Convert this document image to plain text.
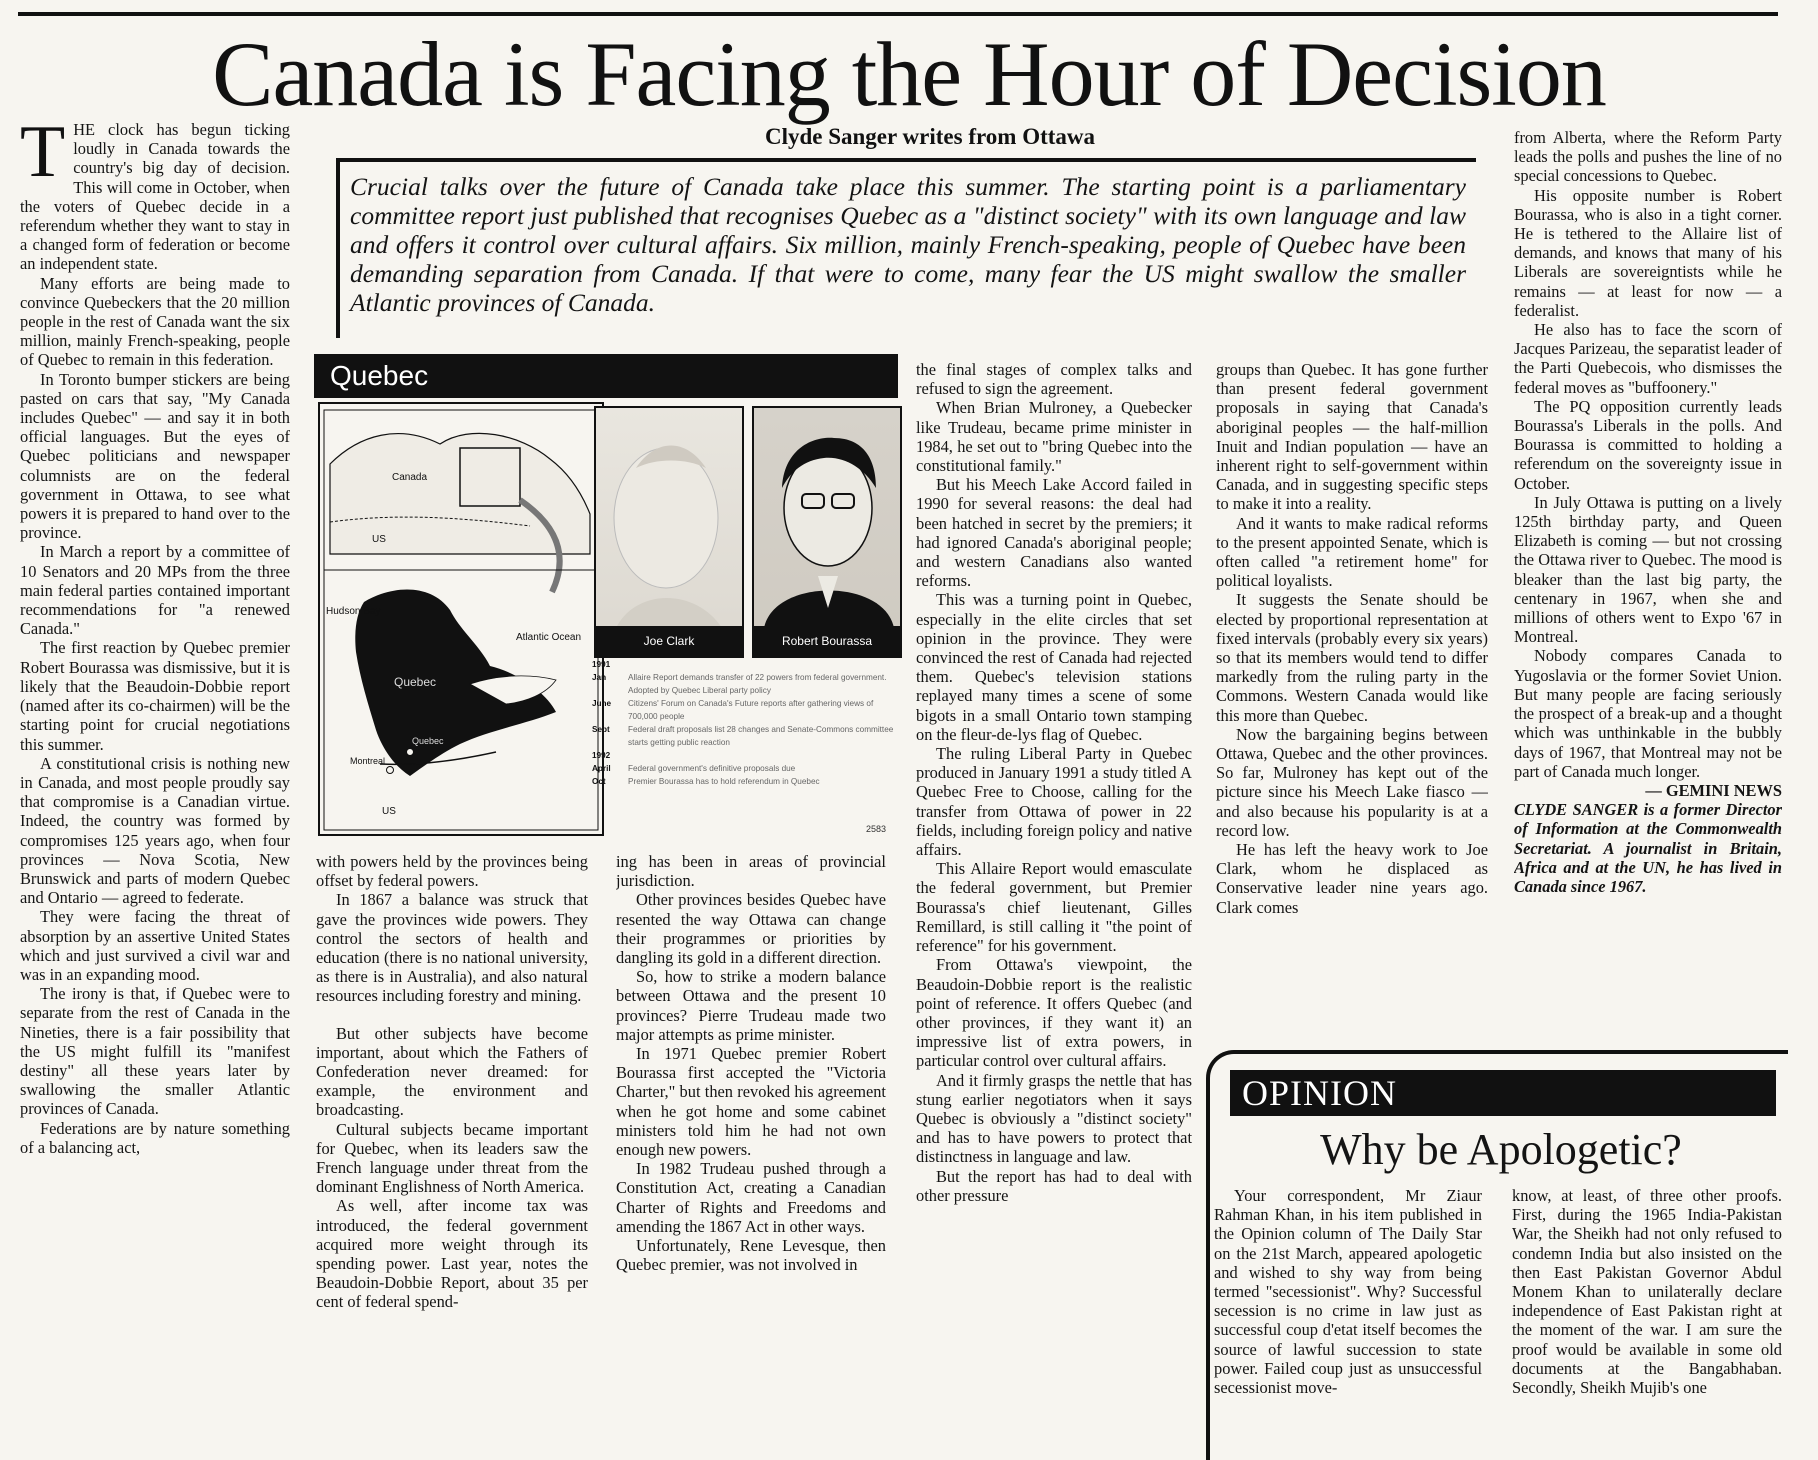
Canada is Facing the Hour of Decision
Clyde Sanger writes from Ottawa
Crucial talks over the future of Canada take place this summer. The starting point is a parliamentary committee report just published that recognises Quebec as a "distinct society" with its own language and law and offers it control over cultural affairs. Six million, mainly French-speaking, people of Quebec have been demanding separation from Canada. If that were to come, many fear the US might swallow the smaller Atlantic provinces of Canada.

THE clock has begun ticking loudly in Canada towards the country's big day of decision. This will come in October, when the voters of Quebec decide in a referendum whether they want to stay in a changed form of federation or become an independent state.

Many efforts are being made to convince Quebeckers that the 20 million people in the rest of Canada want the six million, mainly French-speaking, people of Quebec to remain in this federation.

In Toronto bumper stickers are being pasted on cars that say, "My Canada includes Quebec" — and say it in both official languages. But the eyes of Quebec politicians and newspaper columnists are on the federal government in Ottawa, to see what powers it is prepared to hand over to the province.

In March a report by a committee of 10 Senators and 20 MPs from the three main federal parties contained important recommendations for "a renewed Canada."

The first reaction by Quebec premier Robert Bourassa was dismissive, but it is likely that the Beaudoin-Dobbie report (named after its co-chairmen) will be the starting point for crucial negotiations this summer.

A constitutional crisis is nothing new in Canada, and most people proudly say that compromise is a Canadian virtue. Indeed, the country was formed by compromises 125 years ago, when four provinces — Nova Scotia, New Brunswick and parts of modern Quebec and Ontario — agreed to federate.

They were facing the threat of absorption by an assertive United States which and just survived a civil war and was in an expanding mood.

The irony is that, if Quebec were to separate from the rest of Canada in the Nineties, there is a fair possibility that the US might fulfill its "manifest destiny" all these years later by swallowing the smaller Atlantic provinces of Canada.

Federations are by nature something of a balancing act,

Quebec
Canada
US
Hudson Bay
Atlantic Ocean
Quebec
Quebec
Montreal
US
Joe Clark	Robert Bourassa
1991
Jan	Allaire Report demands transfer of 22 powers from federal government. Adopted by Quebec Liberal party policy
June	Citizens' Forum on Canada's Future reports after gathering views of 700,000 people
Sept	Federal draft proposals list 28 changes and Senate-Commons committee starts getting public reaction
1992
April	Federal government's definitive proposals due
Oct	Premier Bourassa has to hold referendum in Quebec
2583

with powers held by the provinces being offset by federal powers.

In 1867 a balance was struck that gave the provinces wide powers. They control the sectors of health and education (there is no national university, as there is in Australia), and also natural resources including forestry and mining.

But other subjects have become important, about which the Fathers of Confederation never dreamed: for example, the environment and broadcasting.

Cultural subjects became important for Quebec, when its leaders saw the French language under threat from the dominant Englishness of North America.

As well, after income tax was introduced, the federal government acquired more weight through its spending power. Last year, notes the Beaudoin-Dobbie Report, about 35 per cent of federal spend-

ing has been in areas of provincial jurisdiction.

Other provinces besides Quebec have resented the way Ottawa can change their programmes or priorities by dangling its gold in a different direction.

So, how to strike a modern balance between Ottawa and the present 10 provinces? Pierre Trudeau made two major attempts as prime minister.

In 1971 Quebec premier Robert Bourassa first accepted the "Victoria Charter," but then revoked his agreement when he got home and some cabinet ministers told him he had not own enough new powers.

In 1982 Trudeau pushed through a Constitution Act, creating a Canadian Charter of Rights and Freedoms and amending the 1867 Act in other ways.

Unfortunately, Rene Levesque, then Quebec premier, was not involved in

the final stages of complex talks and refused to sign the agreement.

When Brian Mulroney, a Quebecker like Trudeau, became prime minister in 1984, he set out to "bring Quebec into the constitutional family."

But his Meech Lake Accord failed in 1990 for several reasons: the deal had been hatched in secret by the premiers; it had ignored Canada's aboriginal people; and western Canadians also wanted reforms.

This was a turning point in Quebec, especially in the elite circles that set opinion in the province. They were convinced the rest of Canada had rejected them. Quebec's television stations replayed many times a scene of some bigots in a small Ontario town stamping on the fleur-de-lys flag of Quebec.

The ruling Liberal Party in Quebec produced in January 1991 a study titled A Quebec Free to Choose, calling for the transfer from Ottawa of power in 22 fields, including foreign policy and native affairs.

This Allaire Report would emasculate the federal government, but Premier Bourassa's chief lieutenant, Gilles Remillard, is still calling it "the point of reference" for his government.

From Ottawa's viewpoint, the Beaudoin-Dobbie report is the realistic point of reference. It offers Quebec (and other provinces, if they want it) an impressive list of extra powers, in particular control over cultural affairs.

And it firmly grasps the nettle that has stung earlier negotiators when it says Quebec is obviously a "distinct society" and has to have powers to protect that distinctness in language and law.

But the report has had to deal with other pressure

groups than Quebec. It has gone further than present federal government proposals in saying that Canada's aboriginal peoples — the half-million Inuit and Indian population — have an inherent right to self-government within Canada, and in suggesting specific steps to make it into a reality.

And it wants to make radical reforms to the present appointed Senate, which is often called "a retirement home" for political loyalists.

It suggests the Senate should be elected by proportional representation at fixed intervals (probably every six years) so that its members would tend to differ markedly from the ruling party in the Commons. Western Canada would like this more than Quebec.

Now the bargaining begins between Ottawa, Quebec and the other provinces. So far, Mulroney has kept out of the picture since his Meech Lake fiasco — and also because his popularity is at a record low.

He has left the heavy work to Joe Clark, whom he displaced as Conservative leader nine years ago. Clark comes

from Alberta, where the Reform Party leads the polls and pushes the line of no special concessions to Quebec.

His opposite number is Robert Bourassa, who is also in a tight corner. He is tethered to the Allaire list of demands, and knows that many of his Liberals are sovereigntists while he remains — at least for now — a federalist.

He also has to face the scorn of Jacques Parizeau, the separatist leader of the Parti Quebecois, who dismisses the federal moves as "buffoonery."

The PQ opposition currently leads Bourassa's Liberals in the polls. And Bourassa is committed to holding a referendum on the sovereignty issue in October.

In July Ottawa is putting on a lively 125th birthday party, and Queen Elizabeth is coming — but not crossing the Ottawa river to Quebec. The mood is bleaker than the last big party, the centenary in 1967, when she and millions of others went to Expo '67 in Montreal.

Nobody compares Canada to Yugoslavia or the former Soviet Union. But many people are facing seriously the prospect of a break-up and a thought which was unthinkable in the bubbly days of 1967, that Montreal may not be part of Canada much longer.

— GEMINI NEWS

CLYDE SANGER is a former Director of Information at the Commonwealth Secretariat. A journalist in Britain, Africa and at the UN, he has lived in Canada since 1967.

OPINION
Why be Apologetic?

Your correspondent, Mr Ziaur Rahman Khan, in his item published in the Opinion column of The Daily Star on the 21st March, appeared apologetic and wished to shy way from being termed "secessionist". Why? Successful secession is no crime in law just as successful coup d'etat itself becomes the source of lawful succession to state power. Failed coup just as unsuccessful secessionist move-

know, at least, of three other proofs. First, during the 1965 India-Pakistan War, the Sheikh had not only refused to condemn India but also insisted on the then East Pakistan Governor Abdul Monem Khan to unilaterally declare independence of East Pakistan right at the moment of the war. I am sure the proof would be available in some old documents at the Bangabhaban. Secondly, Sheikh Mujib's one
